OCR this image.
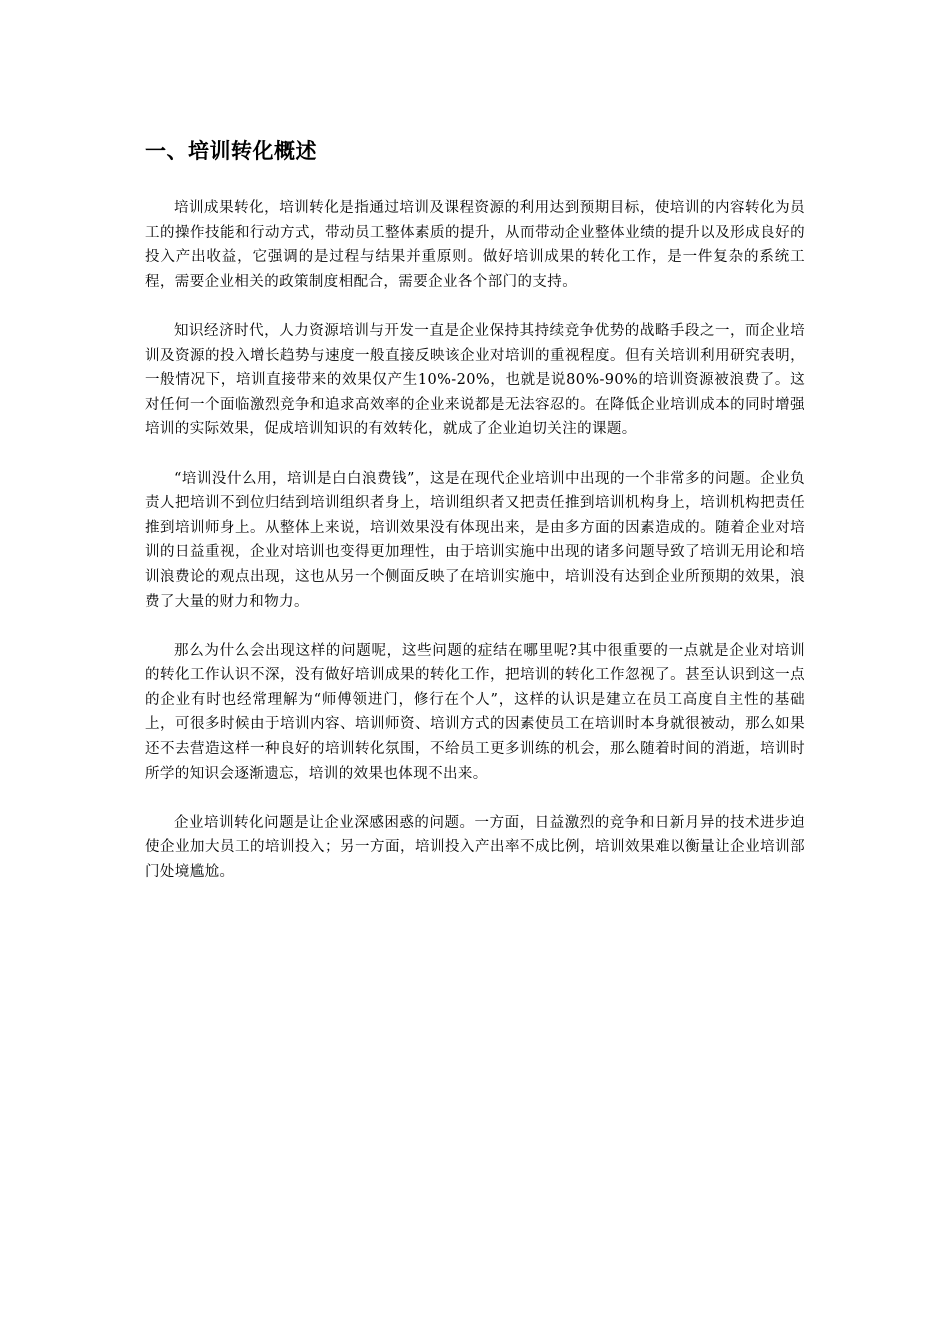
一、培训转化概述

培训成果转化，培训转化是指通过培训及课程资源的利用达到预期目标，使培训的内容转化为员工的操作技能和行动方式，带动员工整体素质的提升，从而带动企业整体业绩的提升以及形成良好的投入产出收益，它强调的是过程与结果并重原则。做好培训成果的转化工作，是一件复杂的系统工程，需要企业相关的政策制度相配合，需要企业各个部门的支持。

知识经济时代，人力资源培训与开发一直是企业保持其持续竞争优势的战略手段之一，而企业培训及资源的投入增长趋势与速度一般直接反映该企业对培训的重视程度。但有关培训利用研究表明，一般情况下，培训直接带来的效果仅产生10%-20%，也就是说80%-90%的培训资源被浪费了。这对任何一个面临激烈竞争和追求高效率的企业来说都是无法容忍的。在降低企业培训成本的同时增强培训的实际效果，促成培训知识的有效转化，就成了企业迫切关注的课题。

“培训没什么用，培训是白白浪费钱”，这是在现代企业培训中出现的一个非常多的问题。企业负责人把培训不到位归结到培训组织者身上，培训组织者又把责任推到培训机构身上，培训机构把责任推到培训师身上。从整体上来说，培训效果没有体现出来，是由多方面的因素造成的。随着企业对培训的日益重视，企业对培训也变得更加理性，由于培训实施中出现的诸多问题导致了培训无用论和培训浪费论的观点出现，这也从另一个侧面反映了在培训实施中，培训没有达到企业所预期的效果，浪费了大量的财力和物力。

那么为什么会出现这样的问题呢，这些问题的症结在哪里呢?其中很重要的一点就是企业对培训的转化工作认识不深，没有做好培训成果的转化工作，把培训的转化工作忽视了。甚至认识到这一点的企业有时也经常理解为“师傅领进门，修行在个人”，这样的认识是建立在员工高度自主性的基础上，可很多时候由于培训内容、培训师资、培训方式的因素使员工在培训时本身就很被动，那么如果还不去营造这样一种良好的培训转化氛围，不给员工更多训练的机会，那么随着时间的消逝，培训时所学的知识会逐渐遗忘，培训的效果也体现不出来。

企业培训转化问题是让企业深感困惑的问题。一方面，日益激烈的竞争和日新月异的技术进步迫使企业加大员工的培训投入；另一方面，培训投入产出率不成比例，培训效果难以衡量让企业培训部门处境尴尬。
